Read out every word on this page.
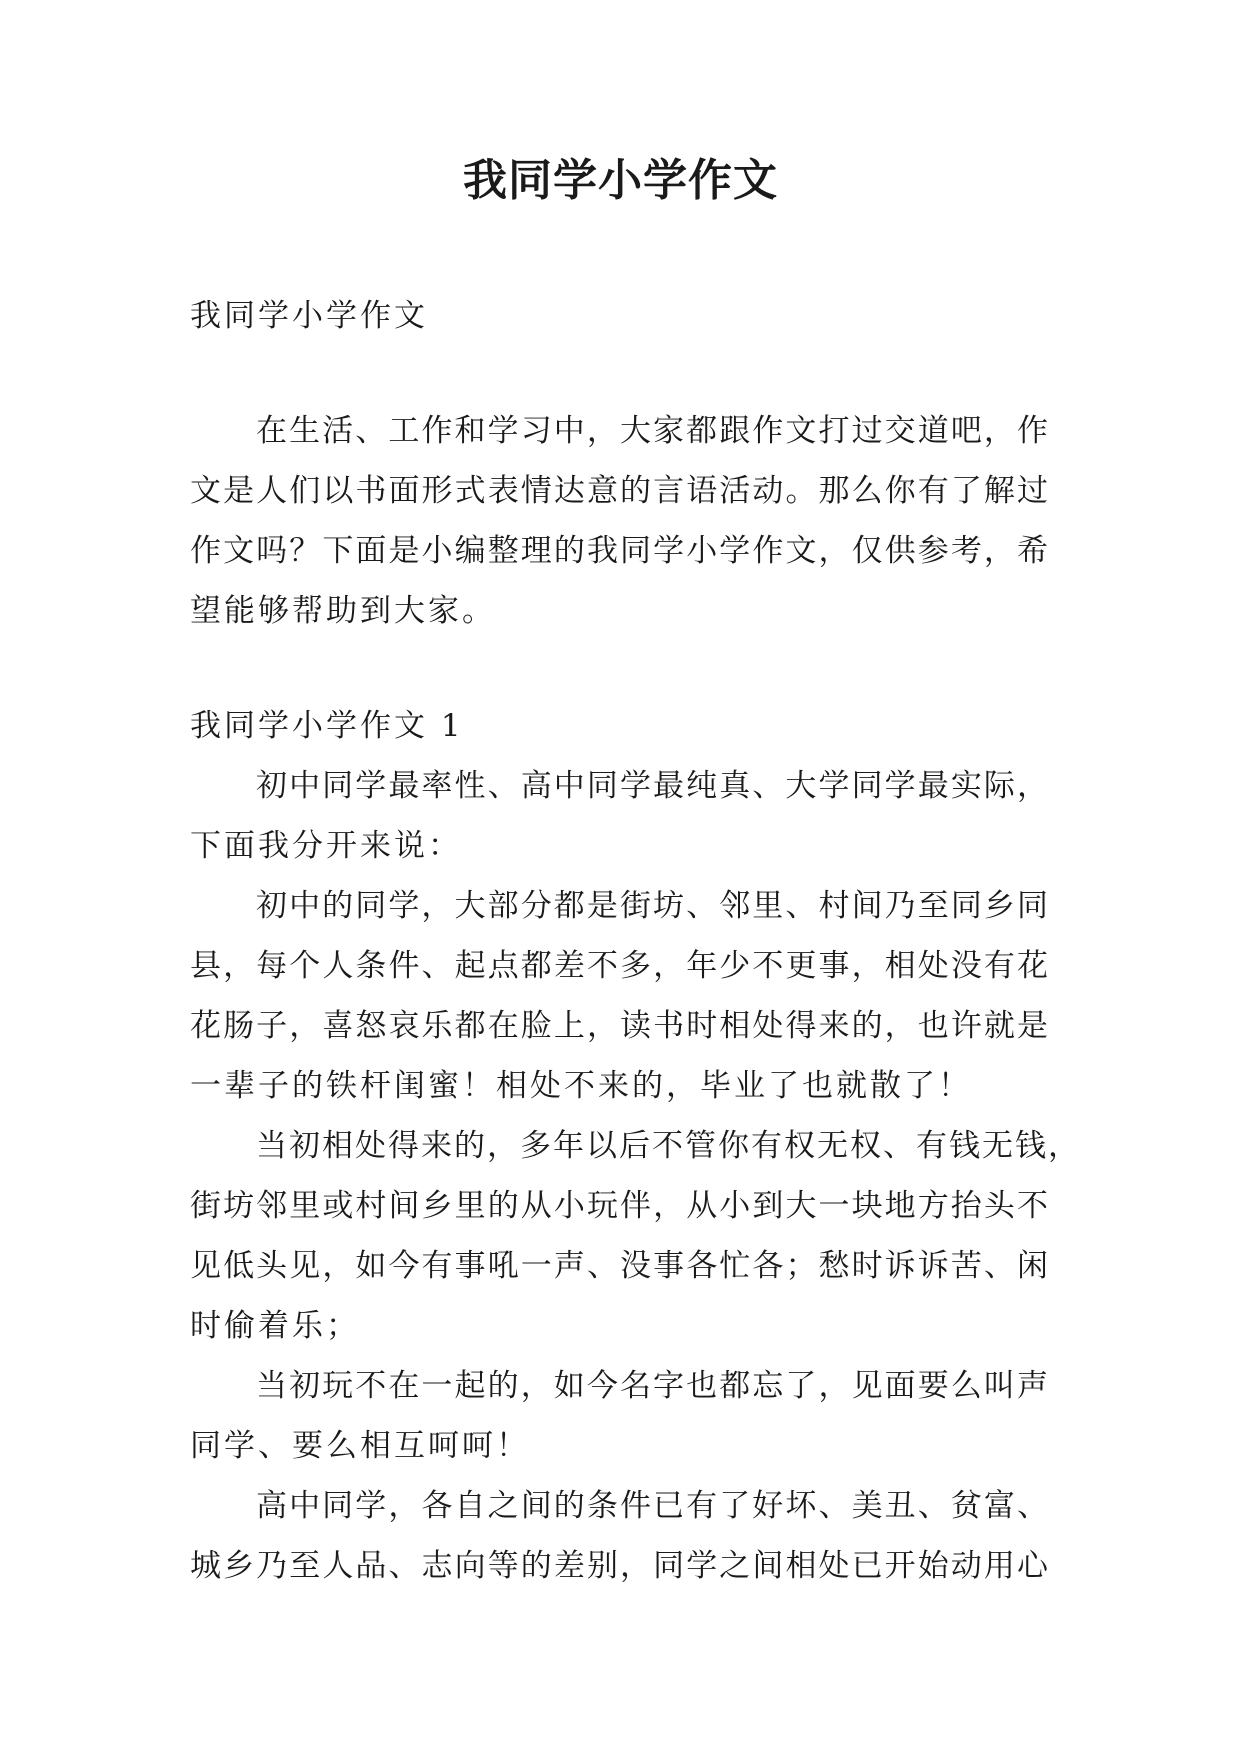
我同学小学作文
我同学小学作文
在生活、工作和学习中，大家都跟作文打过交道吧，作
文是人们以书面形式表情达意的言语活动。那么你有了解过
作文吗？下面是小编整理的我同学小学作文，仅供参考，希
望能够帮助到大家。
我同学小学作文 1
初中同学最率性、高中同学最纯真、大学同学最实际，
下面我分开来说：
初中的同学，大部分都是街坊、邻里、村间乃至同乡同
县，每个人条件、起点都差不多，年少不更事，相处没有花
花肠子，喜怒哀乐都在脸上，读书时相处得来的，也许就是
一辈子的铁杆闺蜜！相处不来的，毕业了也就散了！
当初相处得来的，多年以后不管你有权无权、有钱无钱，
街坊邻里或村间乡里的从小玩伴，从小到大一块地方抬头不
见低头见，如今有事吼一声、没事各忙各；愁时诉诉苦、闲
时偷着乐；
当初玩不在一起的，如今名字也都忘了，见面要么叫声
同学、要么相互呵呵！
高中同学，各自之间的条件已有了好坏、美丑、贫富、
城乡乃至人品、志向等的差别，同学之间相处已开始动用心
